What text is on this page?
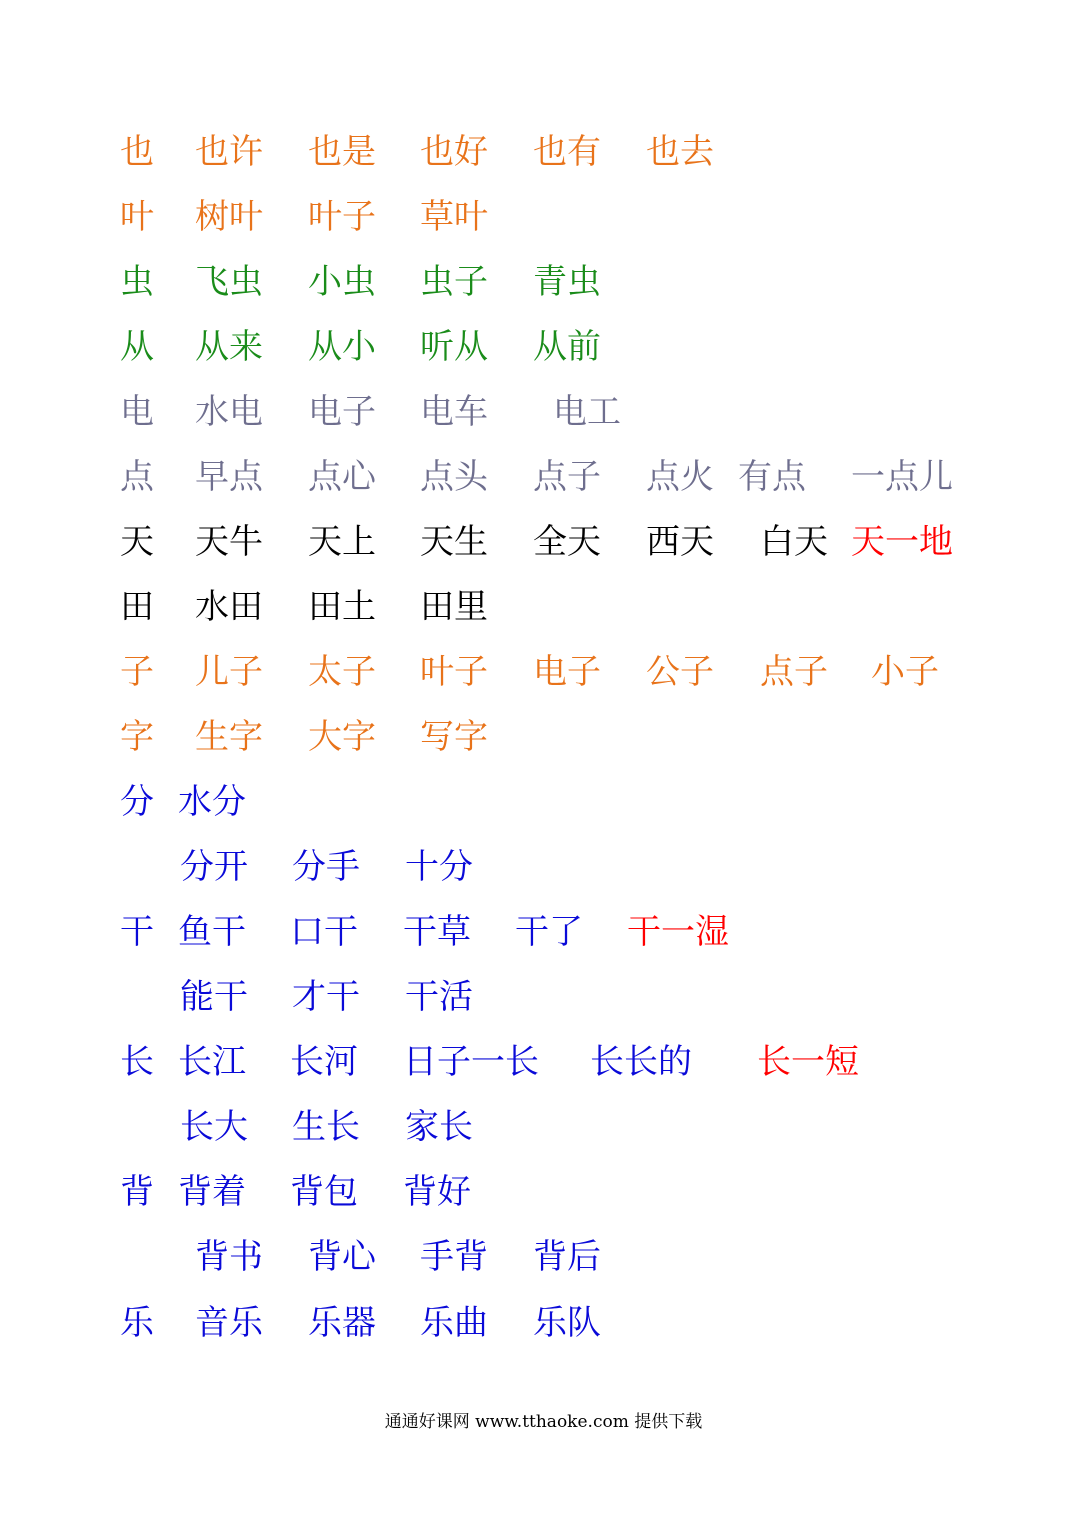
也 也许 也是 也好 也有 也去
叶 树叶 叶子 草叶
虫 飞虫 小虫 虫子 青虫
从 从来 从小 听从 从前
电 水电 电子 电车 电工
点 早点 点心 点头 点子 点火 有点 一点儿
天 天牛 天上 天生 全天 西天 白天 天一地
田 水田 田土 田里
子 儿子 太子 叶子 电子 公子 点子 小子
字 生字 大字 写字
分 水分
分开 分手 十分
干 鱼干 口干 干草 干了 干一湿
能干 才干 干活
长 长江 长河 日子一长 长长的 长一短
长大 生长 家长
背 背着 背包 背好
背书 背心 手背 背后
乐 音乐 乐器 乐曲 乐队
通通好课网 www.tthaoke.com 提供下载
